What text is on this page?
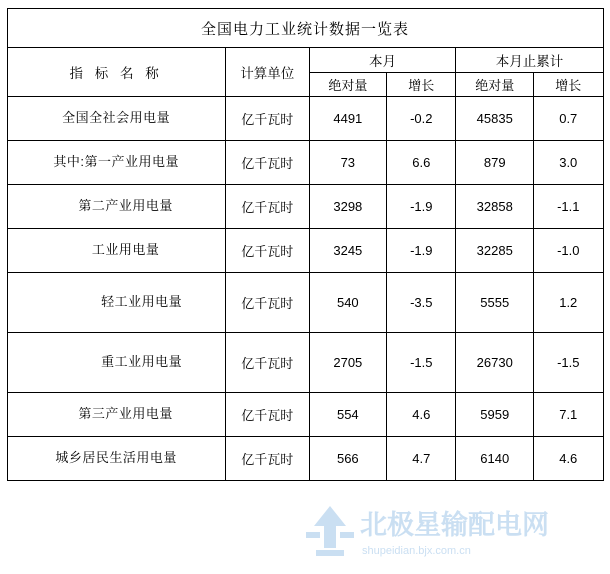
全国电力工业统计数据一览表					
指 标 名 称	计算单位	本月		本月止累计	
		绝对量	增长	绝对量	增长
全国全社会用电量	亿千瓦时	4491	-0.2	45835	0.7
其中:第一产业用电量	亿千瓦时	73	6.6	879	3.0
第二产业用电量	亿千瓦时	3298	-1.9	32858	-1.1
工业用电量	亿千瓦时	3245	-1.9	32285	-1.0
轻工业用电量	亿千瓦时	540	-3.5	5555	1.2
重工业用电量	亿千瓦时	2705	-1.5	26730	-1.5
第三产业用电量	亿千瓦时	554	4.6	5959	7.1
城乡居民生活用电量	亿千瓦时	566	4.7	6140	4.6
北极星输配电网
shupeidian.bjx.com.cn
